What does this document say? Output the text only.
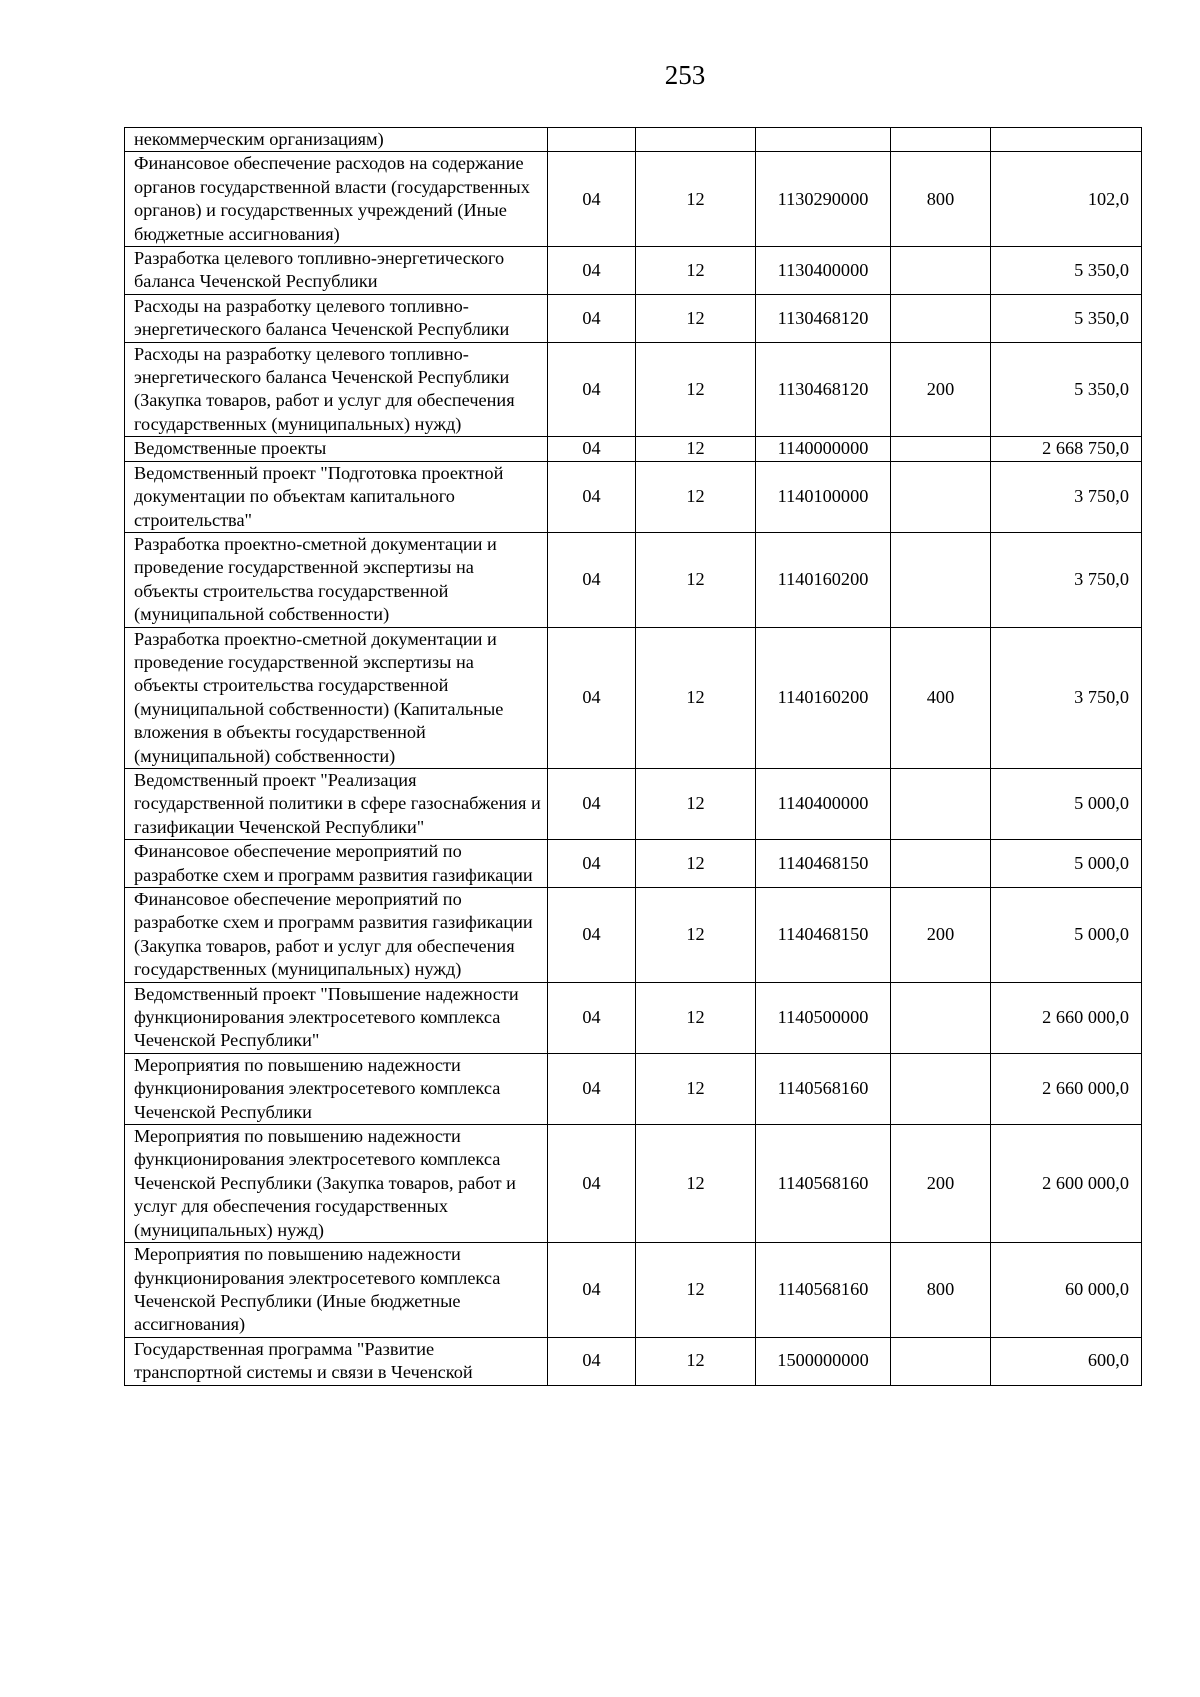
253
некоммерческим организациям)					
Финансовое обеспечение расходов на содержание органов государственной власти (государственных органов) и государственных учреждений (Иные бюджетные ассигнования)	04	12	1130290000	800	102,0
Разработка целевого топливно-энергетического баланса Чеченской Республики	04	12	1130400000		5 350,0
Расходы на разработку целевого топливно-энергетического баланса Чеченской Республики	04	12	1130468120		5 350,0
Расходы на разработку целевого топливно-энергетического баланса Чеченской Республики (Закупка товаров, работ и услуг для обеспечения государственных (муниципальных) нужд)	04	12	1130468120	200	5 350,0
Ведомственные проекты	04	12	1140000000		2 668 750,0
Ведомственный проект "Подготовка проектной документации по объектам капитального строительства"	04	12	1140100000		3 750,0
Разработка проектно-сметной документации и проведение государственной экспертизы на объекты строительства государственной (муниципальной собственности)	04	12	1140160200		3 750,0
Разработка проектно-сметной документации и проведение государственной экспертизы на объекты строительства государственной (муниципальной собственности) (Капитальные вложения в объекты государственной (муниципальной) собственности)	04	12	1140160200	400	3 750,0
Ведомственный проект "Реализация государственной политики в сфере газоснабжения и газификации Чеченской Республики"	04	12	1140400000		5 000,0
Финансовое обеспечение мероприятий по разработке схем и программ развития газификации	04	12	1140468150		5 000,0
Финансовое обеспечение мероприятий по разработке схем и программ развития газификации (Закупка товаров, работ и услуг для обеспечения государственных (муниципальных) нужд)	04	12	1140468150	200	5 000,0
Ведомственный проект "Повышение надежности функционирования электросетевого комплекса Чеченской Республики"	04	12	1140500000		2 660 000,0
Мероприятия по повышению надежности функционирования электросетевого комплекса Чеченской Республики	04	12	1140568160		2 660 000,0
Мероприятия по повышению надежности функционирования электросетевого комплекса Чеченской Республики (Закупка товаров, работ и услуг для обеспечения государственных (муниципальных) нужд)	04	12	1140568160	200	2 600 000,0
Мероприятия по повышению надежности функционирования электросетевого комплекса Чеченской Республики (Иные бюджетные ассигнования)	04	12	1140568160	800	60 000,0
Государственная программа "Развитие транспортной системы и связи в Чеченской	04	12	1500000000		600,0
